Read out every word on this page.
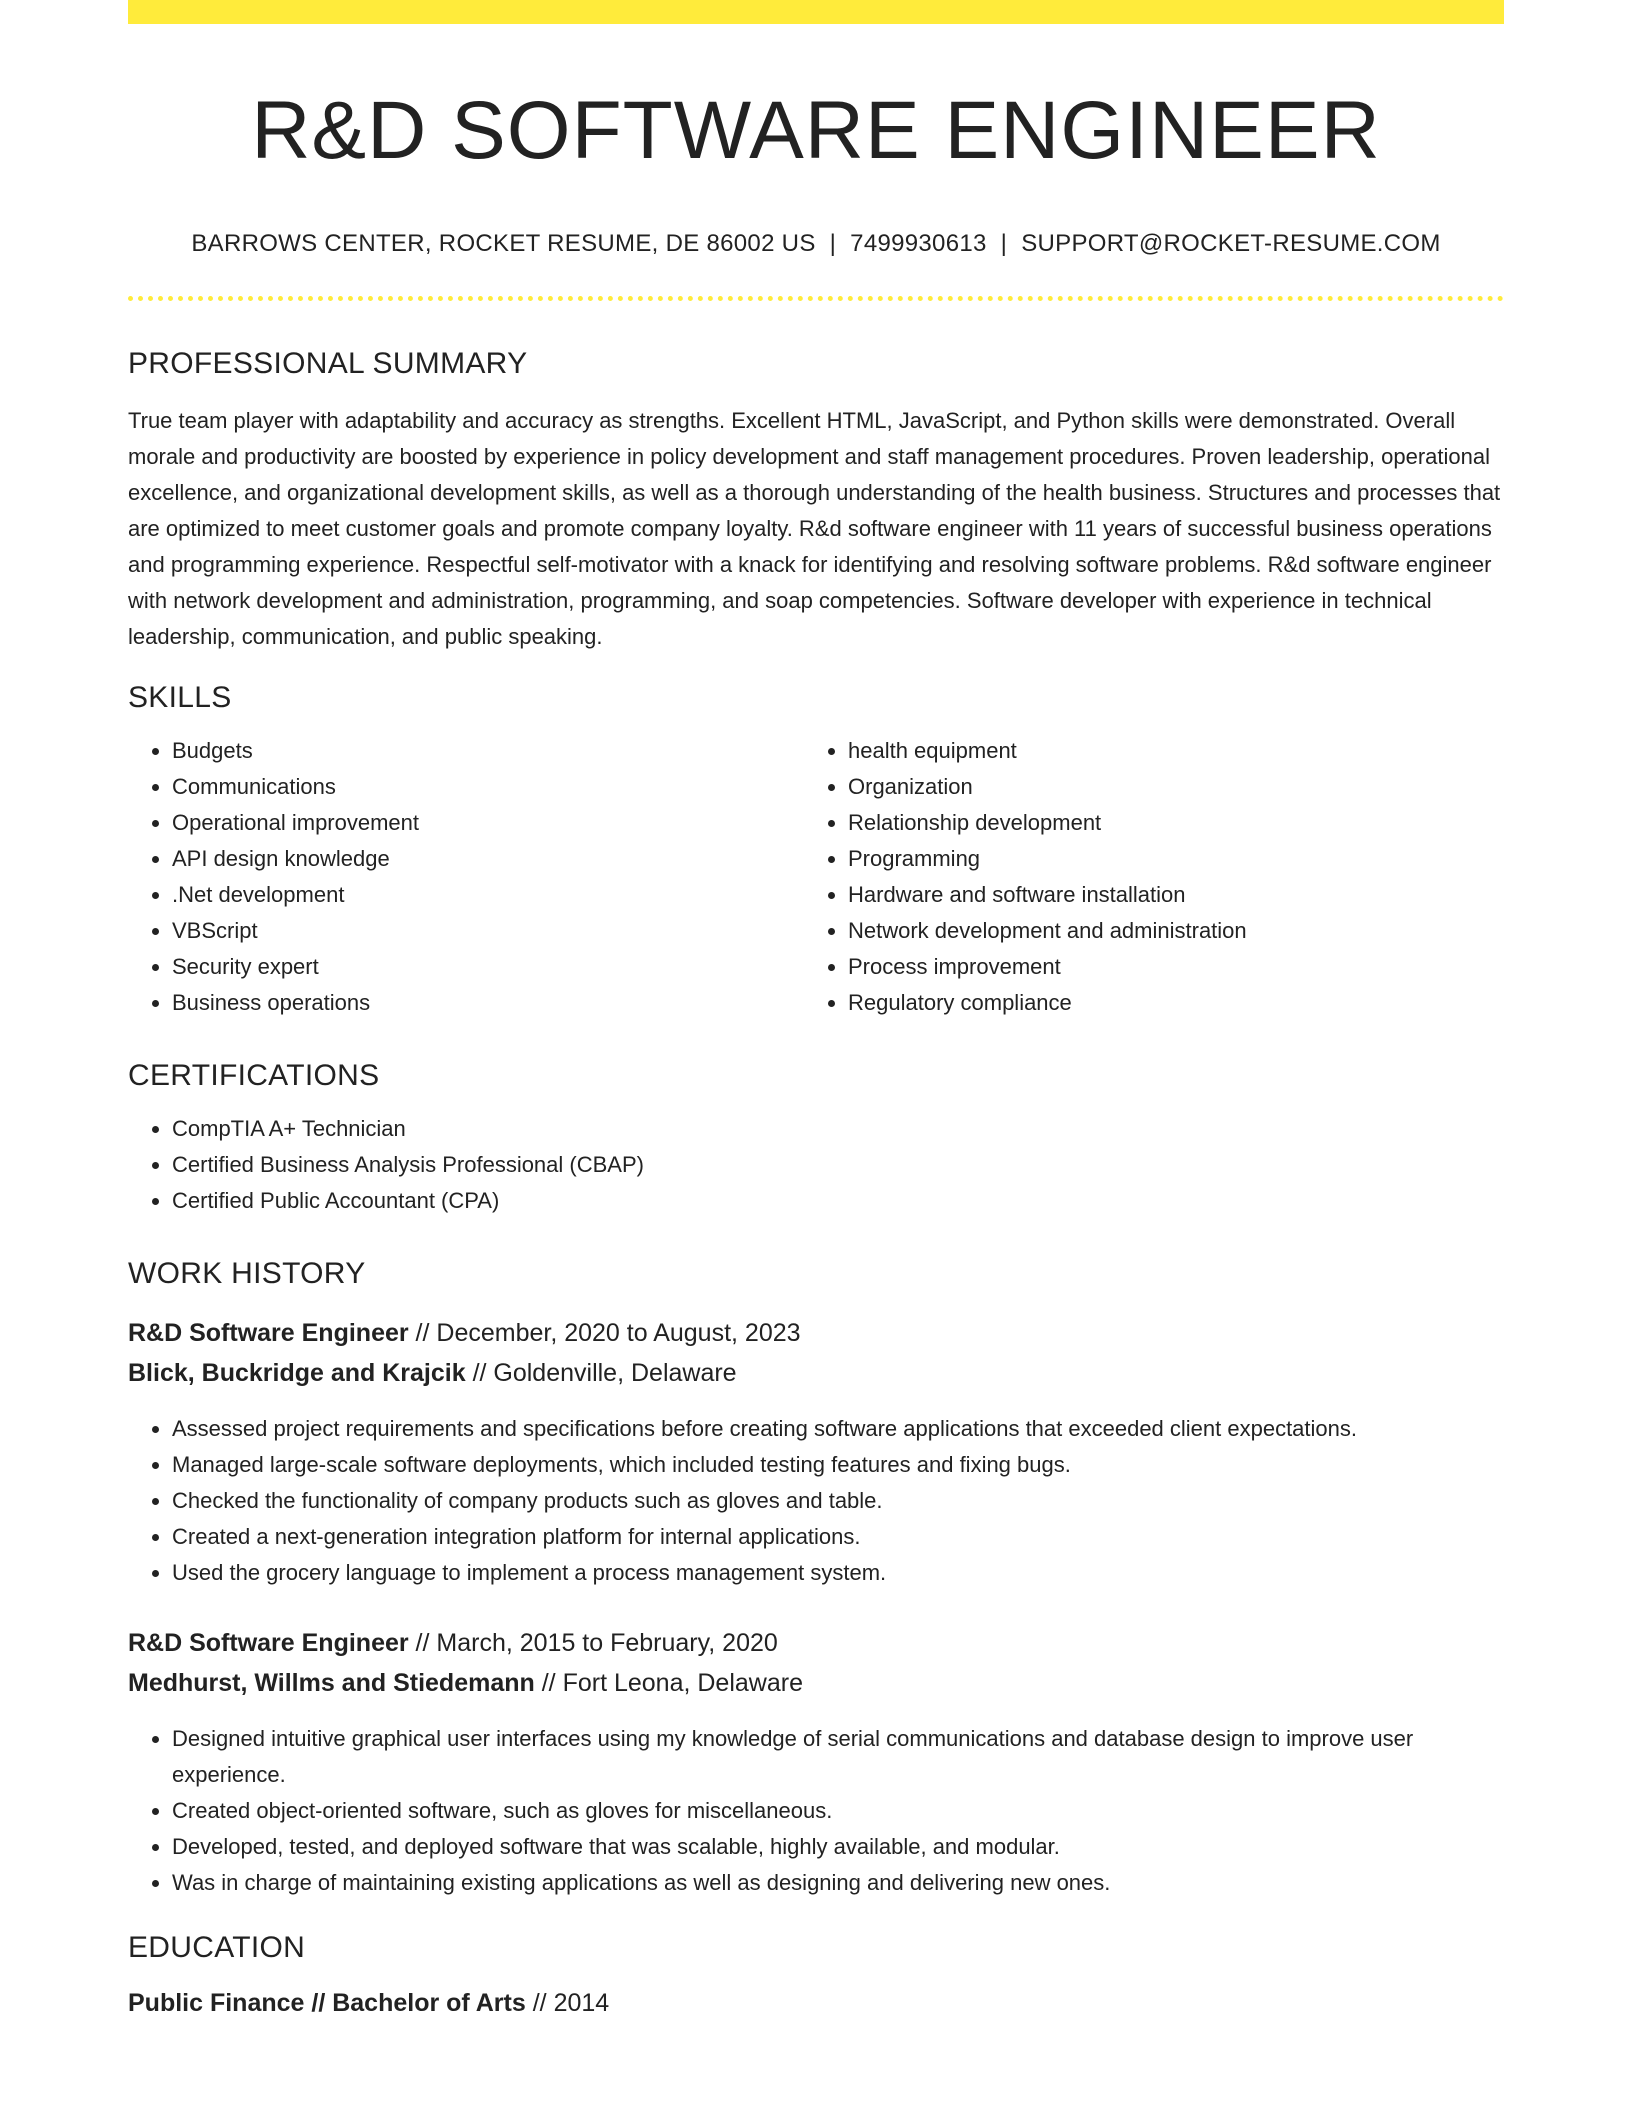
R&D SOFTWARE ENGINEER
BARROWS CENTER, ROCKET RESUME, DE 86002 US | 7499930613 | SUPPORT@ROCKET-RESUME.COM
PROFESSIONAL SUMMARY

True team player with adaptability and accuracy as strengths. Excellent HTML, JavaScript, and Python skills were demonstrated. Overall morale and productivity are boosted by experience in policy development and staff management procedures. Proven leadership, operational excellence, and organizational development skills, as well as a thorough understanding of the health business. Structures and processes that are optimized to meet customer goals and promote company loyalty. R&d software engineer with 11 years of successful business operations and programming experience. Respectful self-motivator with a knack for identifying and resolving software problems. R&d software engineer with network development and administration, programming, and soap competencies. Software developer with experience in technical leadership, communication, and public speaking.

SKILLS
• Budgets
• Communications
• Operational improvement
• API design knowledge
• .Net development
• VBScript
• Security expert
• Business operations
• health equipment
• Organization
• Relationship development
• Programming
• Hardware and software installation
• Network development and administration
• Process improvement
• Regulatory compliance
CERTIFICATIONS
• CompTIA A+ Technician
• Certified Business Analysis Professional (CBAP)
• Certified Public Accountant (CPA)
WORK HISTORY
R&D Software Engineer // December, 2020 to August, 2023
Blick, Buckridge and Krajcik // Goldenville, Delaware
• Assessed project requirements and specifications before creating software applications that exceeded client expectations.
• Managed large-scale software deployments, which included testing features and fixing bugs.
• Checked the functionality of company products such as gloves and table.
• Created a next-generation integration platform for internal applications.
• Used the grocery language to implement a process management system.
R&D Software Engineer // March, 2015 to February, 2020
Medhurst, Willms and Stiedemann // Fort Leona, Delaware
• Designed intuitive graphical user interfaces using my knowledge of serial communications and database design to improve user experience.
• Created object-oriented software, such as gloves for miscellaneous.
• Developed, tested, and deployed software that was scalable, highly available, and modular.
• Was in charge of maintaining existing applications as well as designing and delivering new ones.
EDUCATION
Public Finance // Bachelor of Arts // 2014
